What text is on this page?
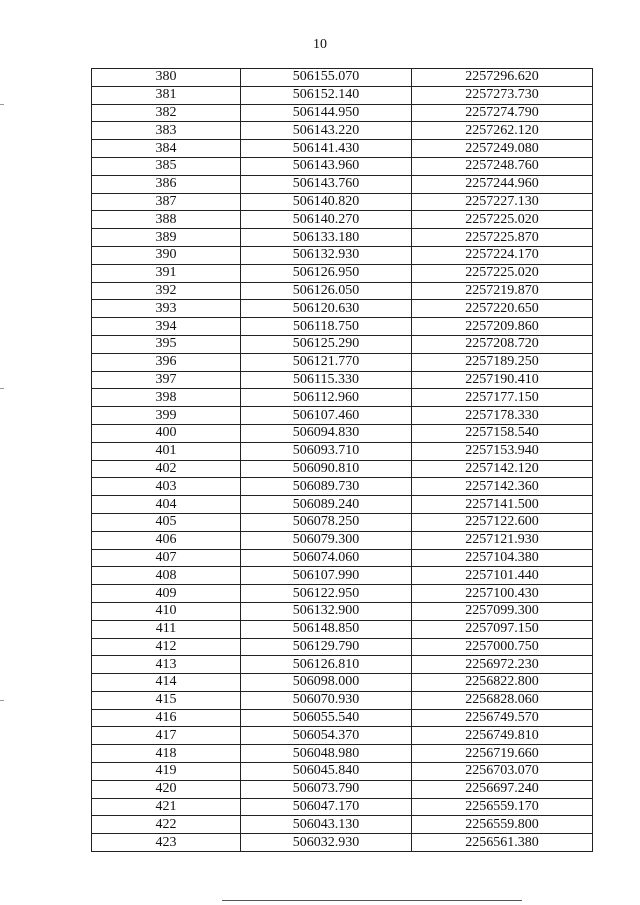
10
380	506155.070	2257296.620
381	506152.140	2257273.730
382	506144.950	2257274.790
383	506143.220	2257262.120
384	506141.430	2257249.080
385	506143.960	2257248.760
386	506143.760	2257244.960
387	506140.820	2257227.130
388	506140.270	2257225.020
389	506133.180	2257225.870
390	506132.930	2257224.170
391	506126.950	2257225.020
392	506126.050	2257219.870
393	506120.630	2257220.650
394	506118.750	2257209.860
395	506125.290	2257208.720
396	506121.770	2257189.250
397	506115.330	2257190.410
398	506112.960	2257177.150
399	506107.460	2257178.330
400	506094.830	2257158.540
401	506093.710	2257153.940
402	506090.810	2257142.120
403	506089.730	2257142.360
404	506089.240	2257141.500
405	506078.250	2257122.600
406	506079.300	2257121.930
407	506074.060	2257104.380
408	506107.990	2257101.440
409	506122.950	2257100.430
410	506132.900	2257099.300
411	506148.850	2257097.150
412	506129.790	2257000.750
413	506126.810	2256972.230
414	506098.000	2256822.800
415	506070.930	2256828.060
416	506055.540	2256749.570
417	506054.370	2256749.810
418	506048.980	2256719.660
419	506045.840	2256703.070
420	506073.790	2256697.240
421	506047.170	2256559.170
422	506043.130	2256559.800
423	506032.930	2256561.380
